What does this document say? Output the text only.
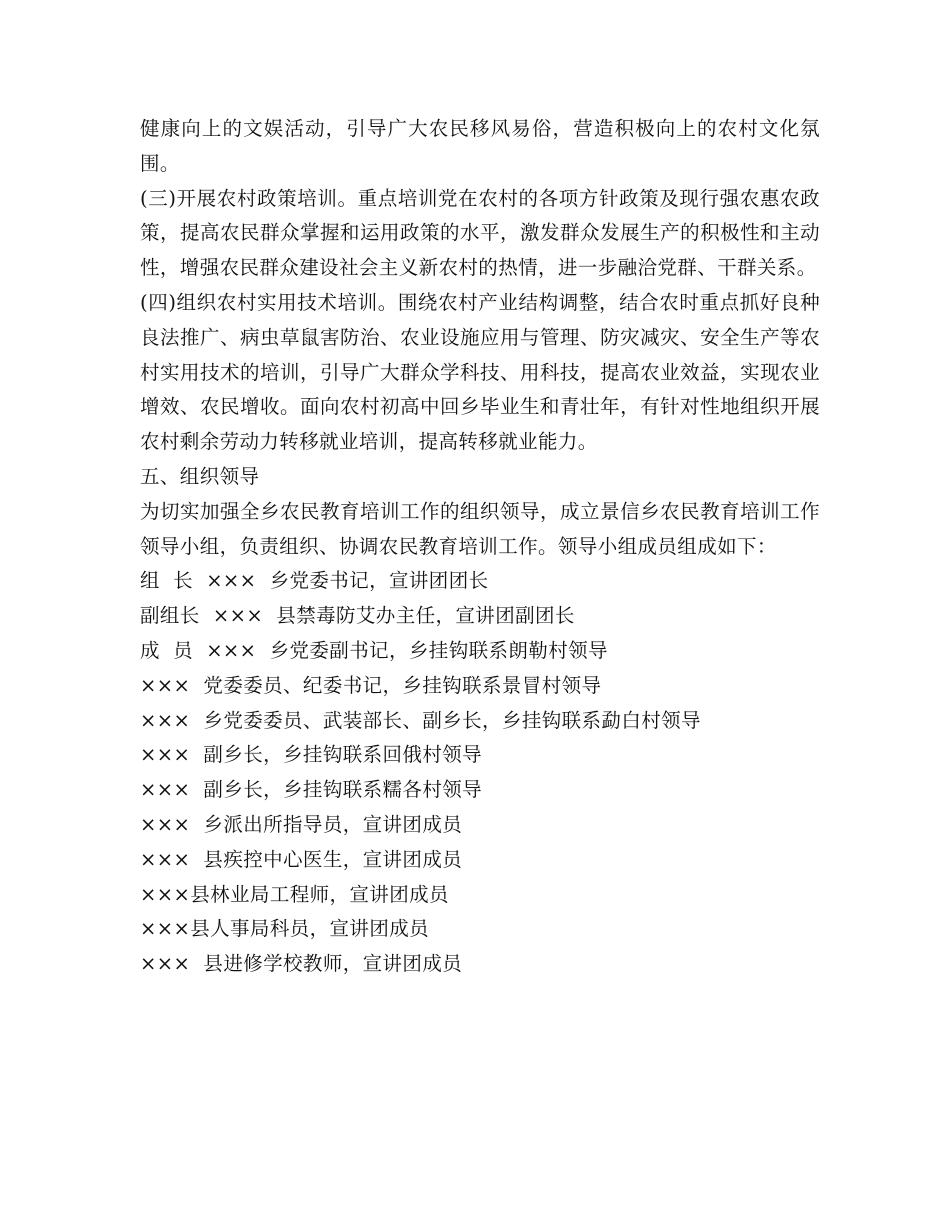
健康向上的文娱活动，引导广大农民移风易俗，营造积极向上的农村文化氛围。

(三)开展农村政策培训。重点培训党在农村的各项方针政策及现行强农惠农政策，提高农民群众掌握和运用政策的水平，激发群众发展生产的积极性和主动性，增强农民群众建设社会主义新农村的热情，进一步融洽党群、干群关系。

(四)组织农村实用技术培训。围绕农村产业结构调整，结合农时重点抓好良种良法推广、病虫草鼠害防治、农业设施应用与管理、防灾减灾、安全生产等农村实用技术的培训，引导广大群众学科技、用科技，提高农业效益，实现农业增效、农民增收。面向农村初高中回乡毕业生和青壮年，有针对性地组织开展农村剩余劳动力转移就业培训，提高转移就业能力。

五、组织领导

为切实加强全乡农民教育培训工作的组织领导，成立景信乡农民教育培训工作领导小组，负责组织、协调农民教育培训工作。领导小组成员组成如下：

组  长  ×××  乡党委书记，宣讲团团长

副组长  ×××  县禁毒防艾办主任，宣讲团副团长

成  员  ×××  乡党委副书记，乡挂钩联系朗勒村领导

×××  党委委员、纪委书记，乡挂钩联系景冒村领导

×××  乡党委委员、武装部长、副乡长，乡挂钩联系勐白村领导

×××  副乡长，乡挂钩联系回俄村领导

×××  副乡长，乡挂钩联系糯各村领导

×××  乡派出所指导员，宣讲团成员

×××  县疾控中心医生，宣讲团成员

×××县林业局工程师，宣讲团成员

×××县人事局科员，宣讲团成员

×××  县进修学校教师，宣讲团成员
